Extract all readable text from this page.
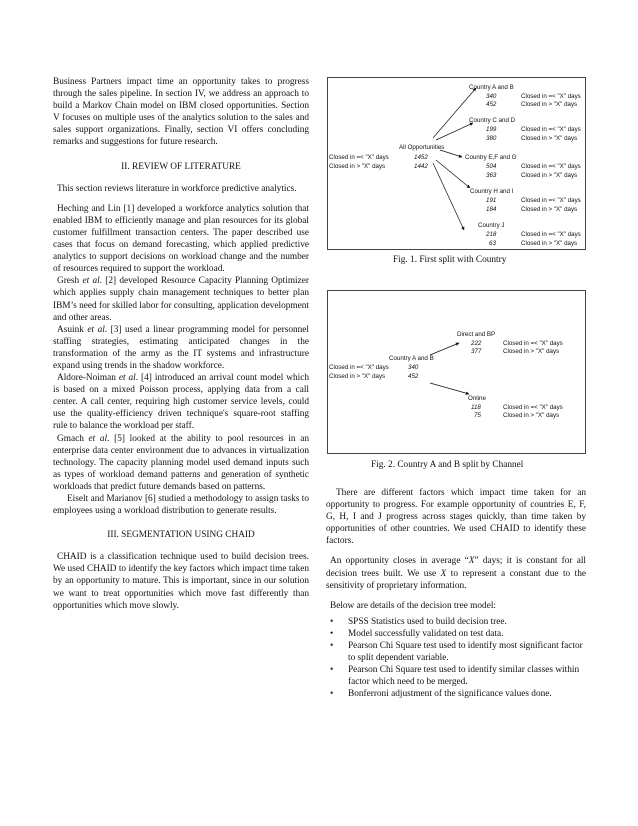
Business Partners impact time an opportunity takes to progress through the sales pipeline. In section IV, we address an approach to build a Markov Chain model on IBM closed opportunities. Section V focuses on multiple uses of the analytics solution to the sales and sales support organizations. Finally, section VI offers concluding remarks and suggestions for future research.

II. REVIEW OF LITERATURE

This section reviews literature in workforce predictive analytics.

Heching and Lin [1] developed a workforce analytics solution that enabled IBM to efficiently manage and plan resources for its global customer fulfillment transaction centers. The paper described use cases that focus on demand forecasting, which applied predictive analytics to support decisions on workload change and the number of resources required to support the workload.

Gresh et al. [2] developed Resource Capacity Planning Optimizer which applies supply chain management techniques to better plan IBM’s need for skilled labor for consulting, application development and other areas.

Asuink et al. [3] used a linear programming model for personnel staffing strategies, estimating anticipated changes in the transformation of the army as the IT systems and infrastructure expand using trends in the shadow workforce.

Aldore-Noiman et al. [4] introduced an arrival count model which is based on a mixed Poisson process, applying data from a call center. A call center, requiring high customer service levels, could use the quality-efficiency driven technique's square-root staffing rule to balance the workload per staff.

Gmach et al. [5] looked at the ability to pool resources in an enterprise data center environment due to advances in virtualization technology. The capacity planning model used demand inputs such as types of workload demand patterns and generation of synthetic workloads that predict future demands based on patterns.

Eiselt and Marianov [6] studied a methodology to assign tasks to employees using a workload distribution to generate results.

III. SEGMENTATION USING CHAID

CHAID is a classification technique used to build decision trees. We used CHAID to identify the key factors which impact time taken by an opportunity to mature. This is important, since in our solution we want to treat opportunities which move fast differently than opportunities which move slowly.

All Opportunities
Closed in =< "X" days	1452
Closed in > "X" days	1442
Country A and B
340	Closed in =< "X" days
452	Closed in > "X" days
Country C and D
199	Closed in =< "X" days
380	Closed in > "X" days
Country E,F and G
504	Closed in =< "X" days
363	Closed in > "X" days
Country H and I
191	Closed in =< "X" days
184	Closed in > "X" days
Country J
218	Closed in =< "X" days
63	Closed in > "X" days
Fig. 1. First split with Country
Country A and B
Closed in =< "X" days	340
Closed in > "X" days	452
Direct and BP
222	Closed in =< "X" days
377	Closed in > "X" days
Online
118	Closed in =< "X" days
75	Closed in > "X" days
Fig. 2. Country A and B split by Channel

There are different factors which impact time taken for an opportunity to progress. For example opportunity of countries E, F, G, H, I and J progress across stages quickly, than time taken by opportunities of other countries. We used CHAID to identify these factors.

An opportunity closes in average “X” days; it is constant for all decision trees built. We use X to represent a constant due to the sensitivity of proprietary information.

Below are details of the decision tree model:

• SPSS Statistics used to build decision tree.
• Model successfully validated on test data.
• Pearson Chi Square test used to identify most significant factor to split dependent variable.
• Pearson Chi Square test used to identify similar classes within factor which need to be merged.
• Bonferroni adjustment of the significance values done.
